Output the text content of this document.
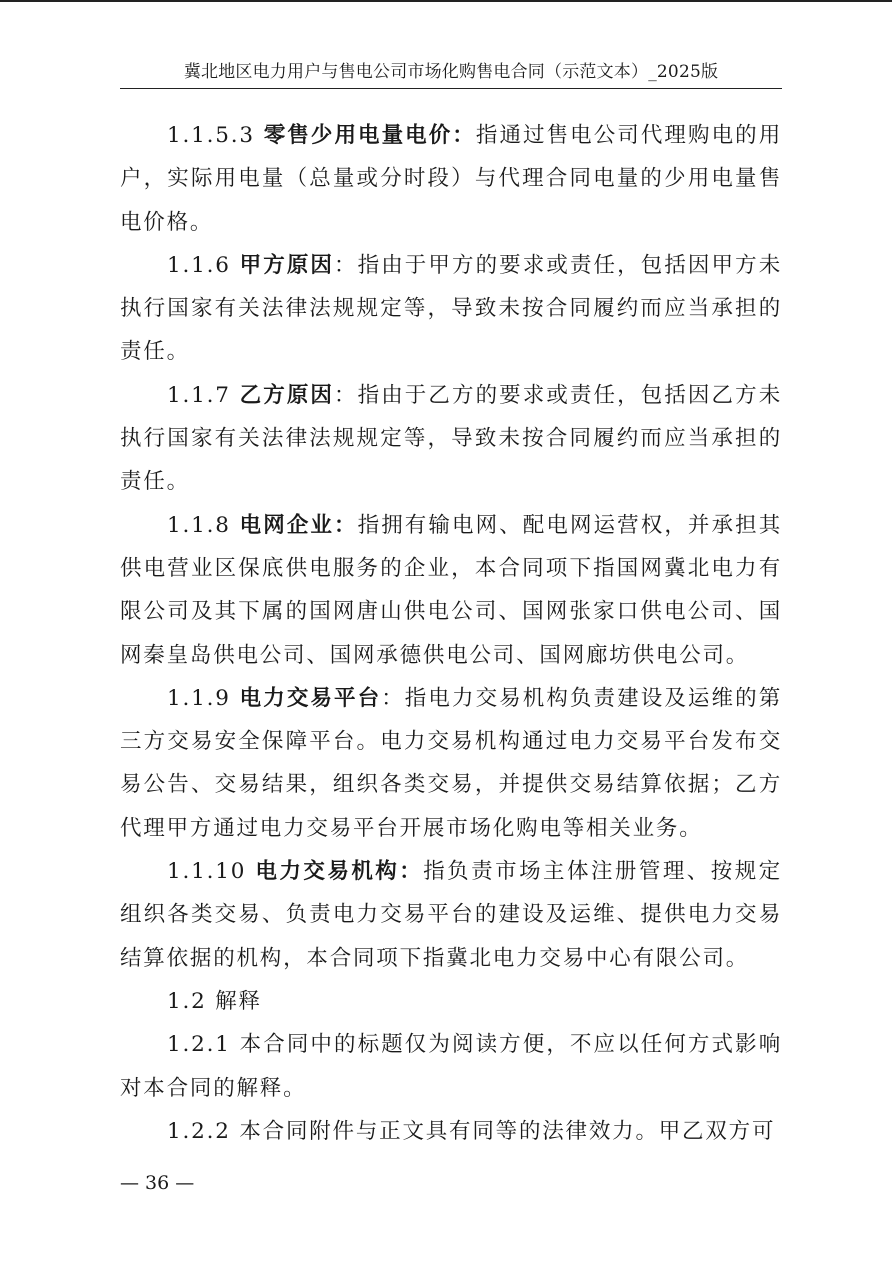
冀北地区电力用户与售电公司市场化购售电合同（示范文本）_2025版

1.1.5.3 零售少用电量电价：指通过售电公司代理购电的用户，实际用电量（总量或分时段）与代理合同电量的少用电量售电价格。

1.1.6 甲方原因：指由于甲方的要求或责任，包括因甲方未执行国家有关法律法规规定等，导致未按合同履约而应当承担的责任。

1.1.7 乙方原因：指由于乙方的要求或责任，包括因乙方未执行国家有关法律法规规定等，导致未按合同履约而应当承担的责任。

1.1.8 电网企业：指拥有输电网、配电网运营权，并承担其供电营业区保底供电服务的企业，本合同项下指国网冀北电力有限公司及其下属的国网唐山供电公司、国网张家口供电公司、国网秦皇岛供电公司、国网承德供电公司、国网廊坊供电公司。

1.1.9 电力交易平台：指电力交易机构负责建设及运维的第三方交易安全保障平台。电力交易机构通过电力交易平台发布交易公告、交易结果，组织各类交易，并提供交易结算依据；乙方代理甲方通过电力交易平台开展市场化购电等相关业务。

1.1.10 电力交易机构：指负责市场主体注册管理、按规定组织各类交易、负责电力交易平台的建设及运维、提供电力交易结算依据的机构，本合同项下指冀北电力交易中心有限公司。

1.2 解释

1.2.1 本合同中的标题仅为阅读方便，不应以任何方式影响对本合同的解释。

1.2.2 本合同附件与正文具有同等的法律效力。甲乙双方可

— 36 —
